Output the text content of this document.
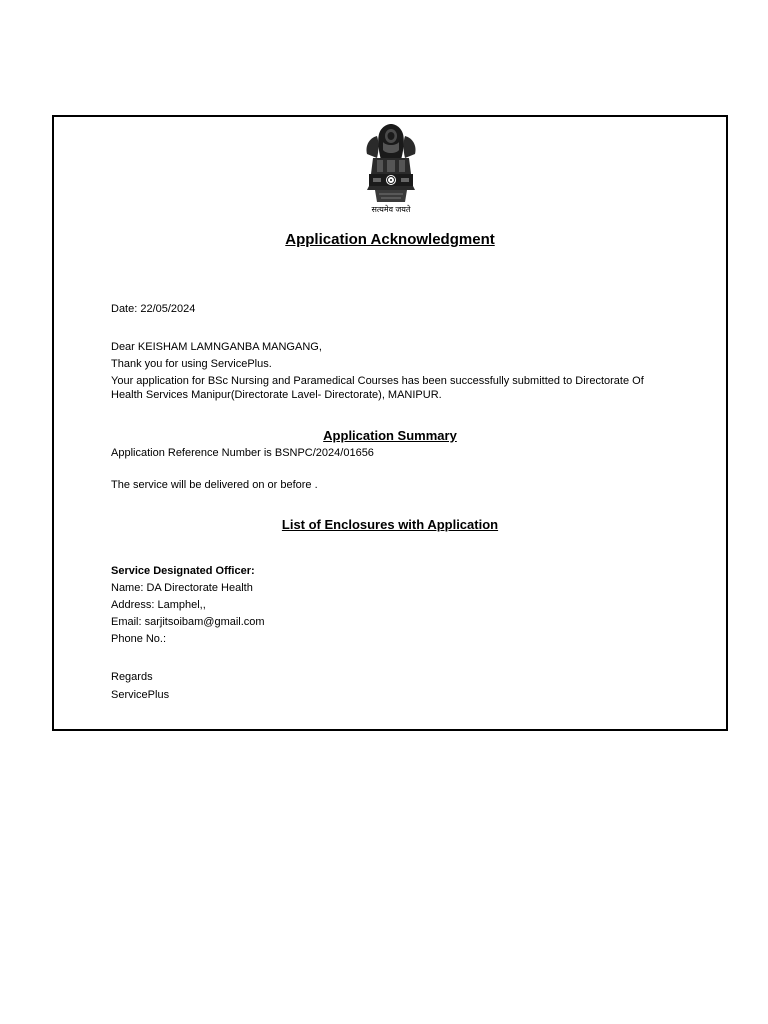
सत्यमेव जयते
Application Acknowledgment
Date: 22/05/2024
Dear KEISHAM LAMNGANBA MANGANG,
Thank you for using ServicePlus.
Your application for BSc Nursing and Paramedical Courses has been successfully submitted to Directorate Of
Health Services Manipur(Directorate Lavel- Directorate), MANIPUR.
Application Summary
Application Reference Number is BSNPC/2024/01656
The service will be delivered on or before .
List of Enclosures with Application
Service Designated Officer:
Name: DA Directorate Health
Address: Lamphel,,
Email: sarjitsoibam@gmail.com
Phone No.:
Regards
ServicePlus
